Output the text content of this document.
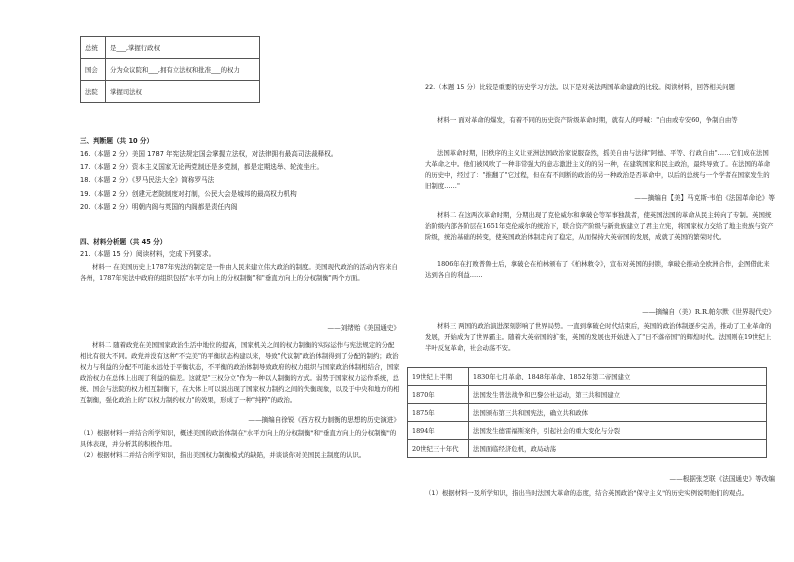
总统	是___,掌握行政权
国会	分为众议院和___,拥有立法权和批准___的权力
法院	掌握司法权
三、判断题（共 10 分）
16.（本题 2 分）美国 1787 年宪法规定国会掌握立法权，对法律拥有最高司法裁释权。
17.（本题 2 分）资本主义国家无论两党制还是多党制，都是定期选举、轮流坐庄。
18.（本题 2 分）《罗马民法大全》简称罗马法
19.（本题 2 分）创建元老院制度对打制，公民大会是城邦的最高权力机构
20.（本题 2 分）明朝内阁与英国的内阁都是责任内阁
四、材料分析题（共 45 分）
21.（本题 15 分）阅读材料，完成下列要求。
材料一 在美国历史上1787年宪法的制定是一件由人民来建立伟大政治的制度。美国现代政治的活动内容来自各州，1787年宪法中政府的组织包括"水平方向上的分权制衡"和"垂直方向上的分权制衡"两个方面。
——刘绪贻《美国通史》
材料二 随着政党在美国国家政治生活中地位的提高，国家机关之间的权力制衡的实际运作与宪法规定的分配相比有很大不同。政党并没有这种"不完美"的平衡状态构建以来，导致"代议制"政治体制得到了分配的制约；政治权力与利益的分配不可能永远处于平衡状态，不平衡的政治体制导致政府的权力组织与国家政治体制相结合，国家政治权力在总体上出现了利益的偏差。这就是"三权分立"作为一种以人制衡的方式。弱势于国家权力运作系统，总统、国会与法院的权力相互制衡下，在大体上可以说出现了国家权力制约之间的失衡现象，以及于中央和地方的相互制衡，强化政治上的"以权力制约权力"的效果，形成了一种"纯粹"的政治。
——摘编自徐锐《西方权力制衡的思想的历史演进》
（1）根据材料一并结合所学知识，概述美国的政治体制在"水平方向上的分权制衡"和"垂直方向上的分权制衡"的具体表现，并分析其的积极作用。
（2）根据材料二并结合所学知识，指出美国权力制衡模式的缺陷，并谈谈你对美国民主制度的认识。
22.（本题 15 分）比较是重要的历史学习方法。以下是对英法两国革命建政的比较。阅读材料，回答相关问题
材料一 面对革命的爆发，有着不同的历史资产阶级革命时期，就有人的呼喊："自由或专安60，争制自由等
法国革命时期，旧秩序的主义让亚洲法国政治家说服奋然，摇美自由与法律"阿德、平等、行政自由"……它们成在法国大革命之中。他们被风吹了一种非常强大的意志激进主义的的另一种，在建筑国家和民主政治，最终导致了。在法国的革命的历史中，经过了："推翻了"它过程，但在有不间断的政治的另一种政治是否革命中，以后的总统与一个学者在国家发生的旧制度……"
——摘编自【美】马克斯·韦伯《法国革命论》等
材料二 在这两次革命时期，分期出现了克伦威尔和拿破仑等军事独裁者，使英国法国的革命从民主转向了专制。英国统治阶级内部各阶层在1651年克伦威尔的统治下，联合资产阶级与新贵族建立了君主立宪，将国家权力交给了地主贵族与资产阶级，统治基础的转变，使英国政治体制走向了稳定，从而保持大英帝国的发展，成就了英国的繁荣时代。
1806年在打败普鲁士后，拿破仑在柏林颁布了《柏林敕令》，宣布对英国的封锁，拿破仑推动全欧洲合作，企图借此来达到各自的利益……
——摘编自（美）R.R.帕尔默《世界现代史》
材料三 两国的政治演进深刻影响了世界局势。一直到拿破仑时代结束后，英国的政治体制逐步完善，推动了工业革命的发展，开始成为了世界霸主。随着大英帝国的扩张，英国的发展也开始进入了"日不落帝国"的辉煌时代。法国则在19世纪上半叶反复革命，社会动荡不安。
19世纪上半期	1830年七月革命、1848年革命、1852年第二帝国建立
1870年	法国发生普法战争和巴黎公社运动，第三共和国建立
1875年	法国颁布第三共和国宪法，确立共和政体
1894年	法国发生德雷福斯案件，引起社会的重大变化与分裂
20世纪三十年代	法国面临经济危机，政局动荡
——根据张芝联《法国通史》等改编
（1）根据材料一及所学知识，指出当时法国大革命的态度，结合英国政治"保守主义"的历史实例说明他们的观点。
